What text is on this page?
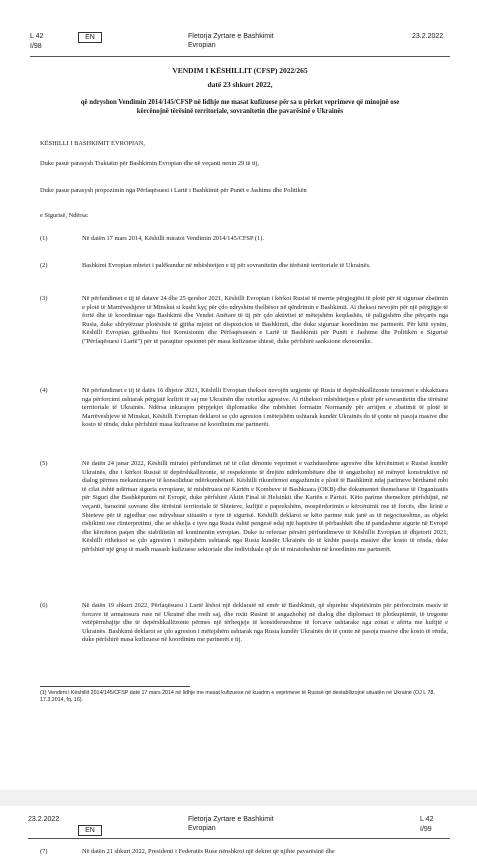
L 42
I/98
EN	Fletorja Zyrtare e Bashkimit
Evropian
23.2.2022
VENDIM I KËSHILLIT (CFSP) 2022/265
datë 23 shkurt 2022,
që ndryshon Vendimin 2014/145/CFSP në lidhje me masat kufizuese për sa u përket veprimeve që minojnë ose kërcënojnë tërësinë territoriale, sovranitetin dhe pavarësinë e Ukrainës
KËSHILLI I BASHKIMIT EVROPIAN,
Duke pasur parasysh Traktatin për Bashkimin Evropian dhe në veçanti nenin 29 të tij,
Duke pasur parasysh propozimin nga Përfaqësuesi i Lartë i Bashkimit për Punët e Jashtme dhe Politikën
e Sigurisë, Ndërsa:
(1)	Në datën 17 mars 2014, Këshilli miratoi Vendimin 2014/145/CFSP (1).
(2)	Bashkimi Evropian mbetet i palëkundur në mbështetjen e tij për sovranitetin dhe tërësinë territoriale të Ukrainës.
(3)	Në përfundimet e tij të datave 24 dhe 25 qershor 2021, Këshilli Evropian i kërkoi Rusisë të merrte përgjegjësi të plotë për të siguruar zbatimin e plotë të Marrëveshjeve të Minskut si kusht kyç për çdo ndryshim thelbësor në qëndrimin e Bashkimit. Ai theksoi nevojën për një përgjigje të fortë dhe të koordinuar nga Bashkimi dhe Vendet Anëtare të tij për çdo aktivitet të mëtejshëm keqdashës, të paligjshëm dhe përçarës nga Rusia, duke shfrytëzuar plotësisht të gjitha mjetet në dispozicion të Bashkimit, dhe duke siguruar koordinim me partnerët. Për këtë synim, Këshilli Evropian gjithashtu ftoi Komisionin dhe Përfaqësuesin e Lartë të Bashkimit për Punët e Jashtme dhe Politikën e Sigurisë ("Përfaqësuesi i Lartë") për të paraqitur opsionet për masa kufizuese shtesë, duke përfshirë sanksione ekonomike.
(4)	Në përfundimet e tij të datës 16 dhjetor 2021, Këshilli Evropian theksoi nevojën urgjente që Rusia të depërshkallëzonte tensionet e shkaktuara nga përforcimi ushtarak përgjatë kufirit të saj me Ukrainën dhe retorika agresive. Ai ritheksoi mbështetjen e plotë për sovranitetin dhe tërësinë territoriale të Ukrainës. Ndërsa inkurajon përpjekjet diplomatike dhe mbështet formatin Normandy për arritjen e zbatimit të plotë të Marrëveshjeve të Minskut, Këshilli Evropian deklaroi se çdo agresion i mëtejshëm ushtarak kundër Ukrainës do të çonte në pasoja masive dhe kosto të rënda, duke përfshirë masa kufizuese në koordinim me partnerët.
(5)	Në datën 24 janar 2022, Këshilli miratoi përfundimet në të cilat dënonte veprimet e vazhdueshme agresive dhe kërcënimet e Rusisë kundër Ukrainës, dhe i kërkoi Rusisë të depërshkallëzonte, të respektonte të drejtën ndërkombëtare dhe të angazhohej në mënyrë konstruktive në dialog përmes mekanizmave të konsoliduar ndërkombëtarë. Këshilli rikonfirmoi angazhimin e plotë të Bashkimit ndaj parimeve bërthamë mbi të cilat është ndërtuar siguria evropiane, të mishëruara në Kartën e Kombeve të Bashkuara (OKB) dhe dokumentet themeluese të Organizatës për Siguri dhe Bashkëpunim në Evropë, duke përfshirë Aktin Final të Helsinkit dhe Kartën e Parisit. Këto parime themelore përfshijnë, në veçanti, barazinë sovrane dhe tërësinë territoriale të Shteteve, kufijtë e paprekshëm, mospërdorimin e kërcënimit ose të forcës, dhe lirinë e Shteteve për të zgjedhur ose ndryshuar situatën e tyre të sigurisë. Këshilli deklaroi se këto parime nuk janë as të negociueshme, as objekt rishikimi ose riinterpretimi, dhe se shkelja e tyre nga Rusia është pengesë ndaj një hapësire të përbashkët dhe të pandashme sigurie në Evropë dhe kërcënon paqen dhe stabilitetin në kontinentin evropian. Duke iu referuar përsëri përfundimeve të Këshillit Evropian të dhjetorit 2021, Këshilli ritheksoi se çdo agresion i mëtejshëm ushtarak nga Rusia kundër Ukrainës do të kishte pasoja masive dhe kosto të rënda, duke përfshirë një grup të madh masash kufizuese sektoriale dhe individuale që do të miratoheshin në koordinim me partnerët.
(6)	Në datën 19 shkurt 2022, Përfaqësuesi i Lartë lëshoi një deklaratë në emër të Bashkimit, që shprehte shqetësimin për përforcimin masiv të forcave të armatosura ruse në Ukrainë dhe rreth saj, dhe nxiti Rusinë të angazhohej në dialog dhe diplomaci të plotkuptimtë, të tregonte vetëpërmbajtje dhe të depërshkallëzonte përmes një tërheqjeje të konsiderueshme të forcave ushtarake nga zonat e afërta me kufijtë e Ukrainës. Bashkimi deklaroi se çdo agresion i mëtejshëm ushtarak nga Rusia kundër Ukrainës do të çonte në pasoja masive dhe kosto të rënda, duke përfshirë masa kufizuese në koordinim me partnerët e tij.
(1) Vendimi i Këshillit 2014/145/CFSP datë 17 mars 2014 në lidhje me masat kufizuese në kuadrin e veprimeve të Rusisë që destabilizojnë situatën në Ukrainë (OJ L 78, 17.3.2014, fq. 16).
23.2.2022
EN
Fletorja Zyrtare e Bashkimit
Evropian
L 42
I/99
(7)	Në datën 21 shkurt 2022, Presidenti i Federatës Ruse nënshkroi një dekret që njihte pavarësinë dhe
